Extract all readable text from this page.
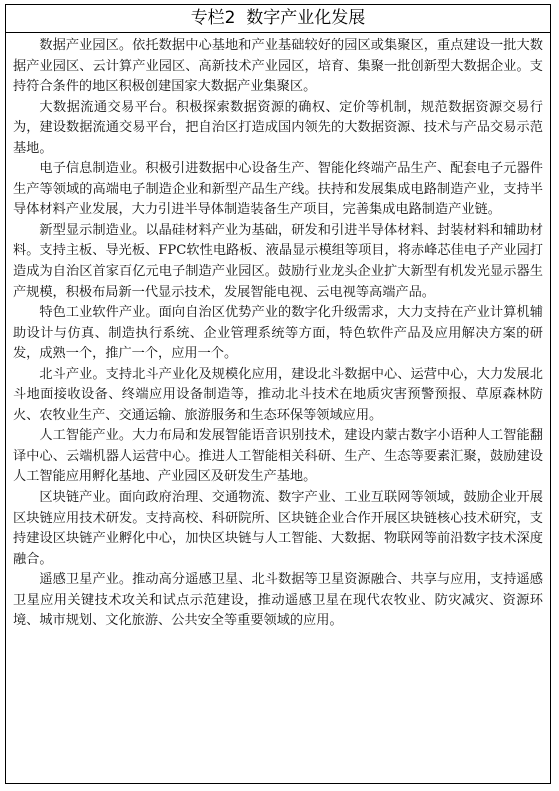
专栏2  数字产业化发展

数据产业园区。依托数据中心基地和产业基础较好的园区或集聚区，重点建设一批大数据产业园区、云计算产业园区、高新技术产业园区，培育、集聚一批创新型大数据企业。支持符合条件的地区积极创建国家大数据产业集聚区。

大数据流通交易平台。积极探索数据资源的确权、定价等机制，规范数据资源交易行为，建设数据流通交易平台，把自治区打造成国内领先的大数据资源、技术与产品交易示范基地。

电子信息制造业。积极引进数据中心设备生产、智能化终端产品生产、配套电子元器件生产等领域的高端电子制造企业和新型产品生产线。扶持和发展集成电路制造产业，支持半导体材料产业发展，大力引进半导体制造装备生产项目，完善集成电路制造产业链。

新型显示制造业。以晶硅材料产业为基础，研发和引进半导体材料、封装材料和辅助材料。支持主板、导光板、FPC软性电路板、液晶显示模组等项目，将赤峰芯佳电子产业园打造成为自治区首家百亿元电子制造产业园区。鼓励行业龙头企业扩大新型有机发光显示器生产规模，积极布局新一代显示技术，发展智能电视、云电视等高端产品。

特色工业软件产业。面向自治区优势产业的数字化升级需求，大力支持在产业计算机辅助设计与仿真、制造执行系统、企业管理系统等方面，特色软件产品及应用解决方案的研发，成熟一个，推广一个，应用一个。

北斗产业。支持北斗产业化及规模化应用，建设北斗数据中心、运营中心，大力发展北斗地面接收设备、终端应用设备制造等，推动北斗技术在地质灾害预警预报、草原森林防火、农牧业生产、交通运输、旅游服务和生态环保等领域应用。

人工智能产业。大力布局和发展智能语音识别技术，建设内蒙古数字小语种人工智能翻译中心、云端机器人运营中心。推进人工智能相关科研、生产、生态等要素汇聚，鼓励建设人工智能应用孵化基地、产业园区及研发生产基地。

区块链产业。面向政府治理、交通物流、数字产业、工业互联网等领域，鼓励企业开展区块链应用技术研发。支持高校、科研院所、区块链企业合作开展区块链核心技术研究，支持建设区块链产业孵化中心，加快区块链与人工智能、大数据、物联网等前沿数字技术深度融合。

遥感卫星产业。推动高分遥感卫星、北斗数据等卫星资源融合、共享与应用，支持遥感卫星应用关键技术攻关和试点示范建设，推动遥感卫星在现代农牧业、防灾减灾、资源环境、城市规划、文化旅游、公共安全等重要领域的应用。
